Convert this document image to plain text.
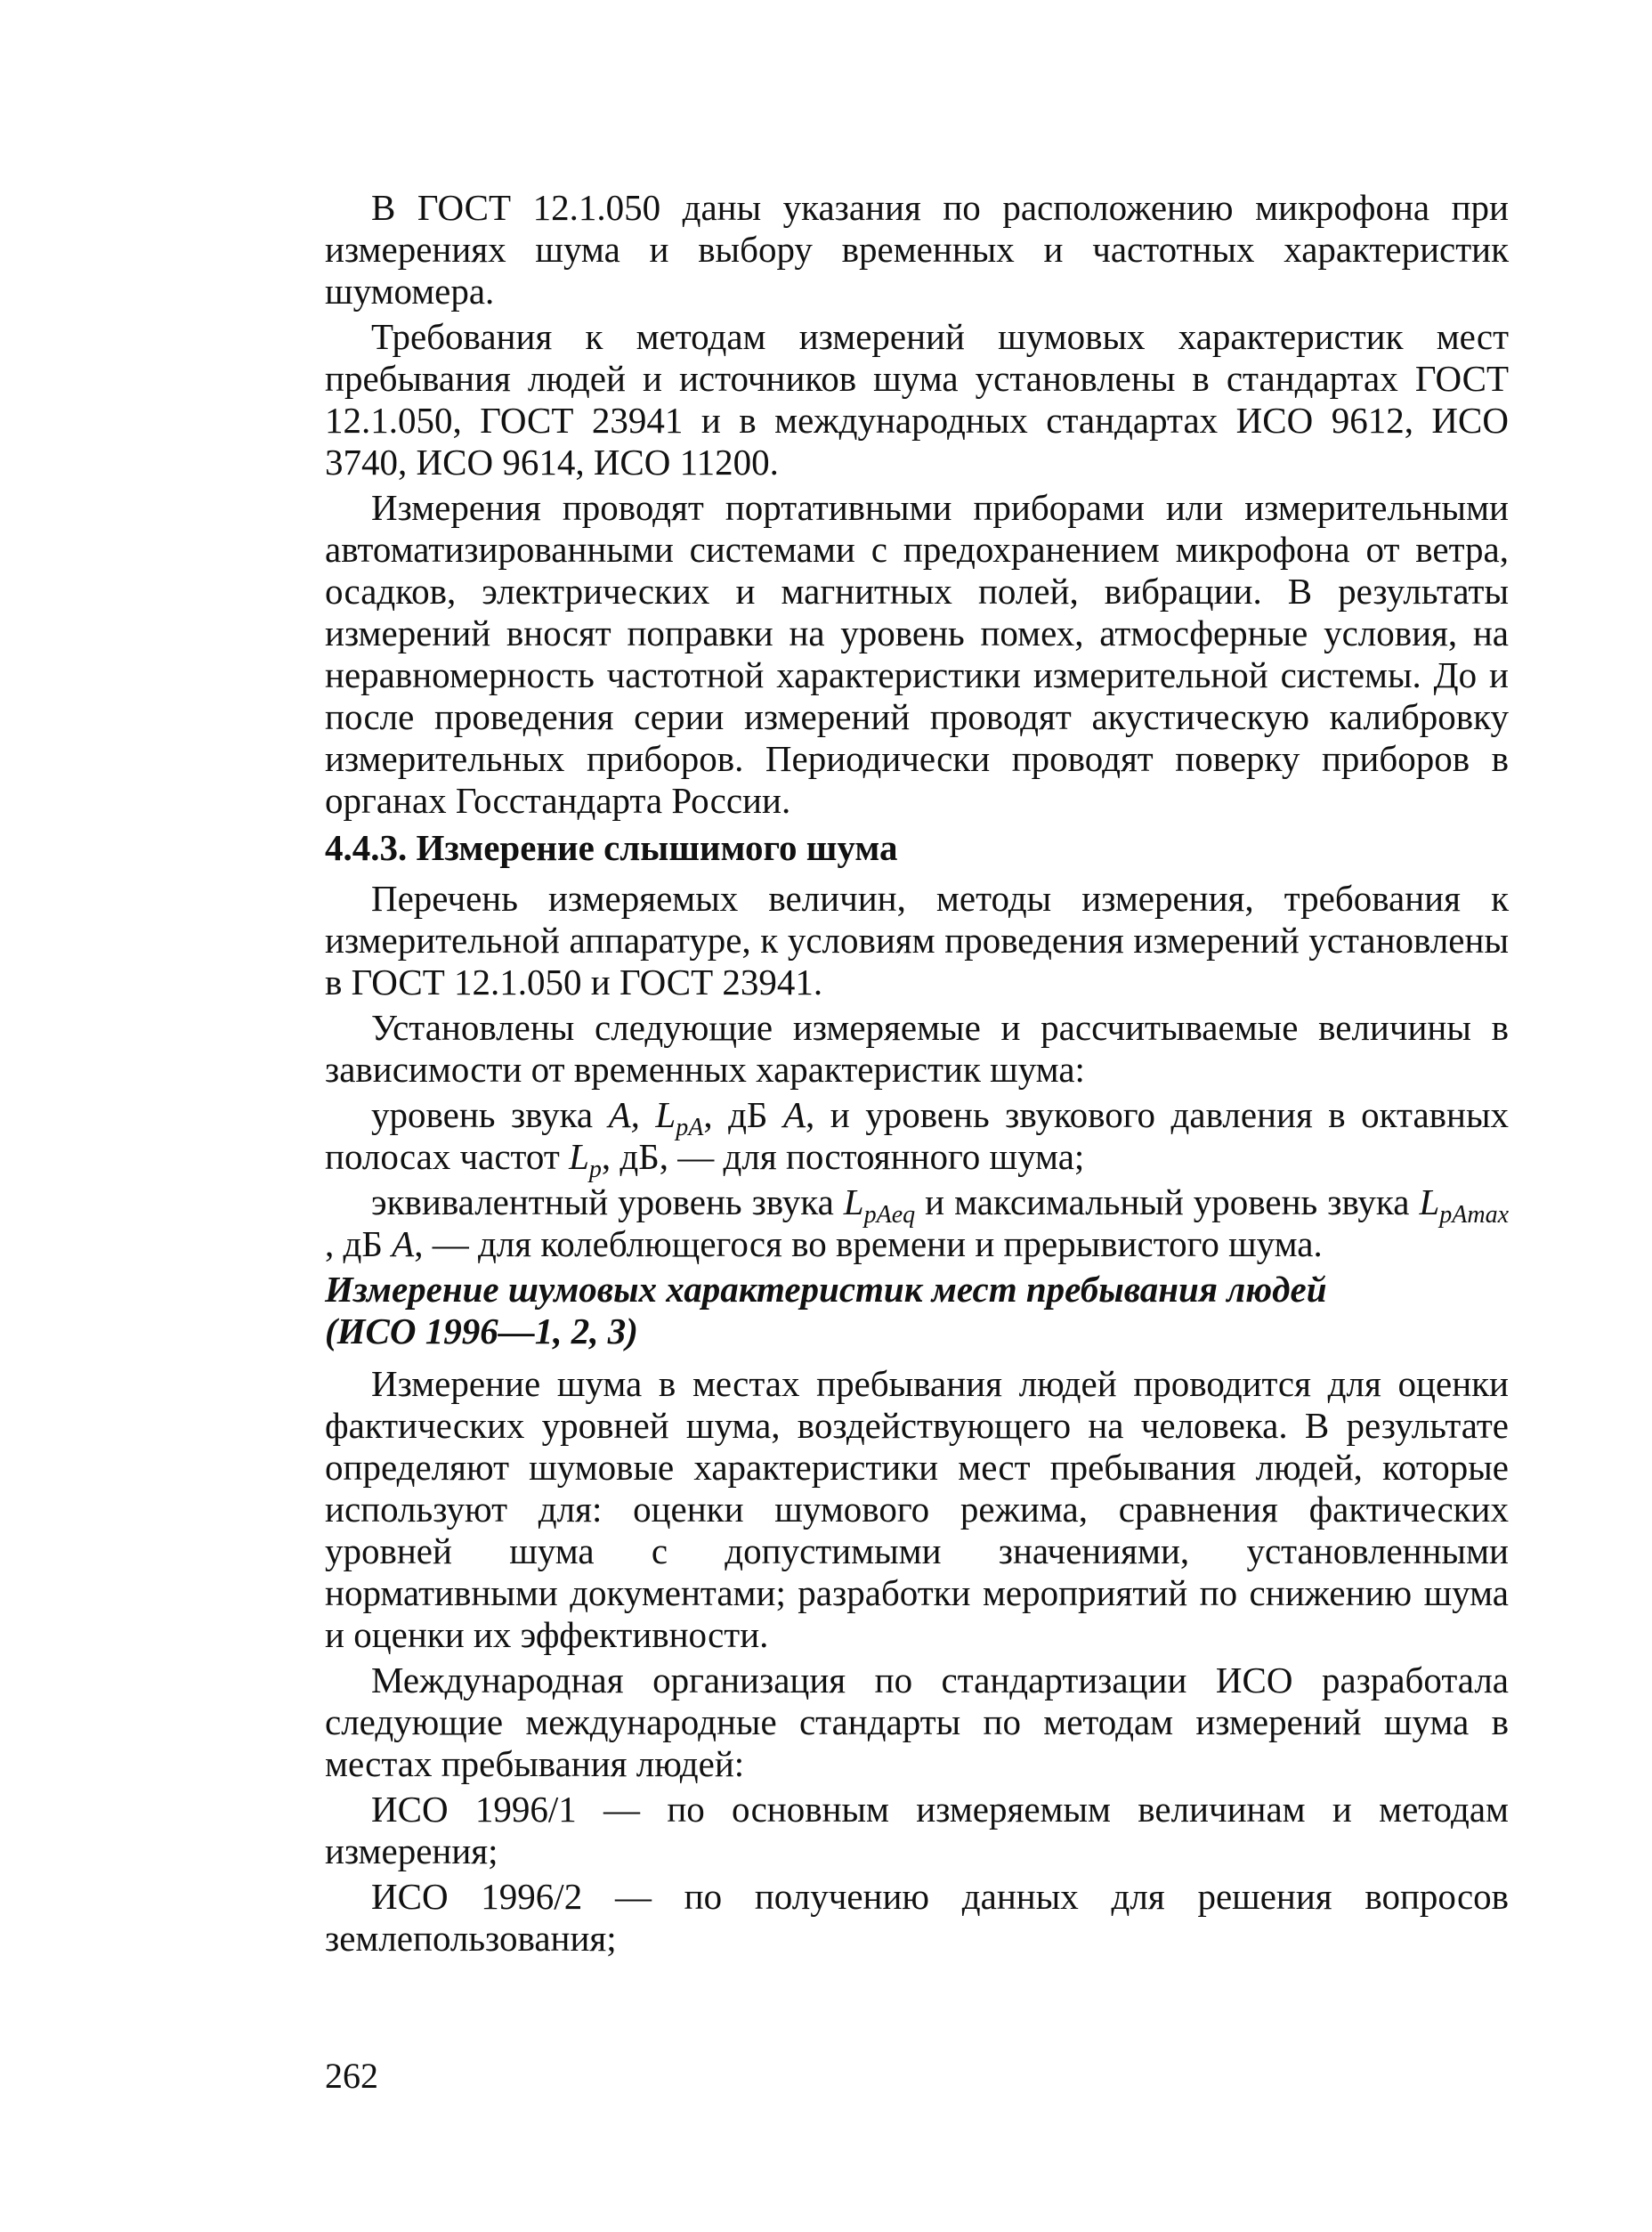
В ГОСТ 12.1.050 даны указания по расположению микрофона при измерениях шума и выбору временных и частотных характеристик шумомера.

Требования к методам измерений шумовых характеристик мест пребывания людей и источников шума установлены в стандартах ГОСТ 12.1.050, ГОСТ 23941 и в международных стандартах ИСО 9612, ИСО 3740, ИСО 9614, ИСО 11200.

Измерения проводят портативными приборами или измерительными автоматизированными системами с предохранением микрофона от ветра, осадков, электрических и магнитных полей, вибрации. В результаты измерений вносят поправки на уровень помех, атмосферные условия, на неравномерность частотной характеристики измерительной системы. До и после проведения серии измерений проводят акустическую калибровку измерительных приборов. Периодически проводят поверку приборов в органах Госстандарта России.

4.4.3. Измерение слышимого шума

Перечень измеряемых величин, методы измерения, требования к измерительной аппаратуре, к условиям проведения измерений установлены в ГОСТ 12.1.050 и ГОСТ 23941.

Установлены следующие измеряемые и рассчитываемые величины в зависимости от временных характеристик шума:

уровень звука A, $L_{pA}$, дБ A, и уровень звукового давления в октавных полосах частот $L_p$, дБ, — для постоянного шума;

эквивалентный уровень звука $L_{pAeq}$ и максимальный уровень звука $L_{pAmax}$ , дБ A, — для колеблющегося во времени и прерывистого шума.

Измерение шумовых характеристик мест пребывания людей
(ИСО 1996—1, 2, 3)

Измерение шума в местах пребывания людей проводится для оценки фактических уровней шума, воздействующего на человека. В результате определяют шумовые характеристики мест пребывания людей, которые используют для: оценки шумового режима, сравнения фактических уровней шума с допустимыми значениями, установленными нормативными документами; разработки мероприятий по снижению шума и оценки их эффективности.

Международная организация по стандартизации ИСО разработала следующие международные стандарты по методам измерений шума в местах пребывания людей:

ИСО 1996/1 — по основным измеряемым величинам и методам измерения;

ИСО 1996/2 — по получению данных для решения вопросов землепользования;

262
